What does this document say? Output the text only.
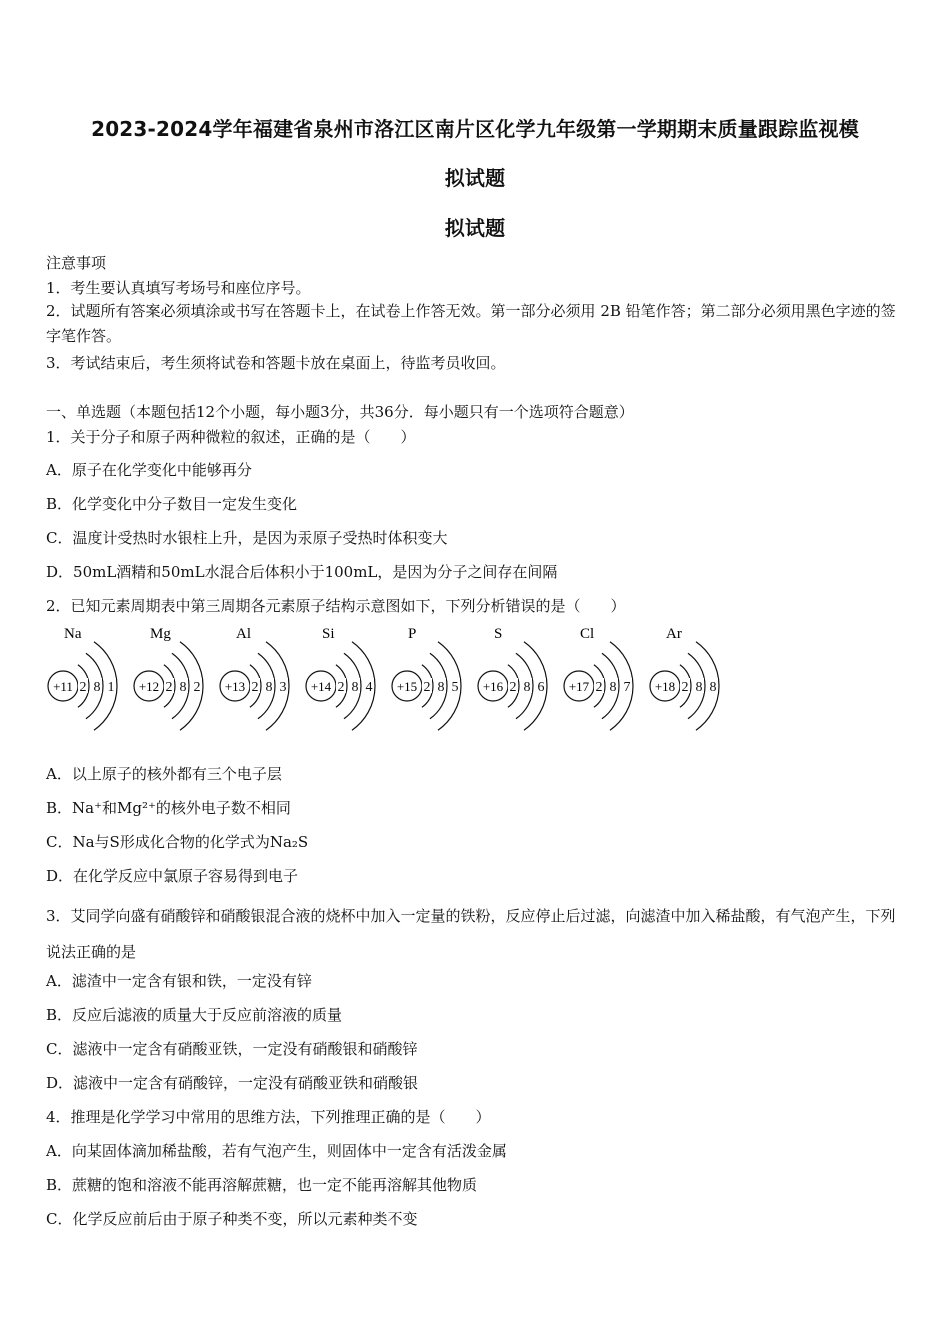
2023-2024学年福建省泉州市洛江区南片区化学九年级第一学期期末质量跟踪监视模
拟试题
拟试题
注意事项
1．考生要认真填写考场号和座位序号。
2．试题所有答案必须填涂或书写在答题卡上，在试卷上作答无效。第一部分必须用 2B 铅笔作答；第二部分必须用黑色字迹的签字笔作答。
3．考试结束后，考生须将试卷和答题卡放在桌面上，待监考员收回。
一、单选题（本题包括12个小题，每小题3分，共36分．每小题只有一个选项符合题意）
1．关于分子和原子两种微粒的叙述，正确的是（　　）
A．原子在化学变化中能够再分
B．化学变化中分子数目一定发生变化
C．温度计受热时水银柱上升，是因为汞原子受热时体积变大
D．50mL酒精和50mL水混合后体积小于100mL，是因为分子之间存在间隔
2．已知元素周期表中第三周期各元素原子结构示意图如下，下列分析错误的是（　　）
Na
+11 2 8 1
Mg
+12 2 8 2
Al
+13 2 8 3
Si
+14 2 8 4
P
+15 2 8 5
S
+16 2 8 6
Cl
+17 2 8 7
Ar
+18 2 8 8
A．以上原子的核外都有三个电子层
B．Na⁺和Mg²⁺的核外电子数不相同
C．Na与S形成化合物的化学式为Na₂S
D．在化学反应中氯原子容易得到电子
3．艾同学向盛有硝酸锌和硝酸银混合液的烧杯中加入一定量的铁粉，反应停止后过滤，向滤渣中加入稀盐酸，有气泡产生，下列说法正确的是
A．滤渣中一定含有银和铁，一定没有锌
B．反应后滤液的质量大于反应前溶液的质量
C．滤液中一定含有硝酸亚铁，一定没有硝酸银和硝酸锌
D．滤液中一定含有硝酸锌，一定没有硝酸亚铁和硝酸银
4．推理是化学学习中常用的思维方法，下列推理正确的是（　　）
A．向某固体滴加稀盐酸，若有气泡产生，则固体中一定含有活泼金属
B．蔗糖的饱和溶液不能再溶解蔗糖，也一定不能再溶解其他物质
C．化学反应前后由于原子种类不变，所以元素种类不变
